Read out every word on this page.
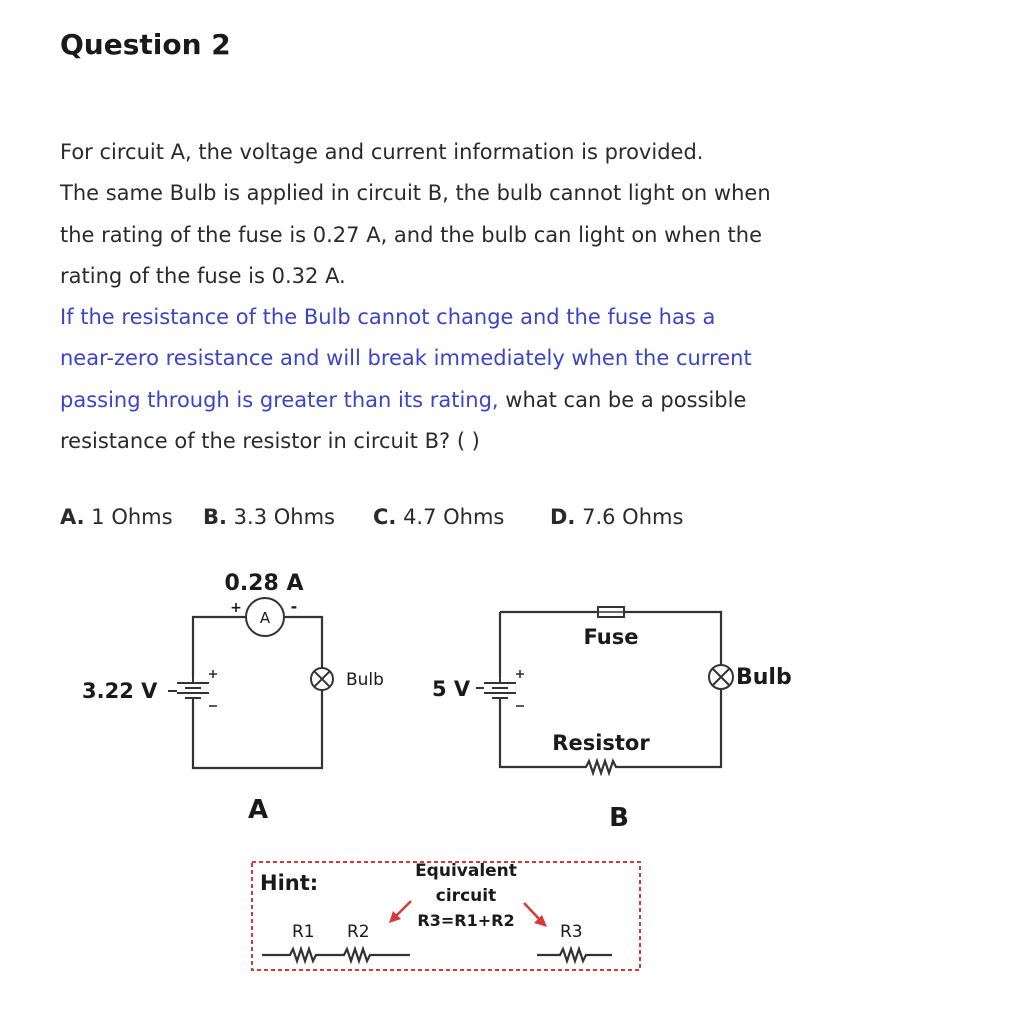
Question 2
For circuit A, the voltage and current information is provided.
The same Bulb is applied in circuit B, the bulb cannot light on when
the rating of the fuse is 0.27 A, and the bulb can light on when the
rating of the fuse is 0.32 A.
If the resistance of the Bulb cannot change and the fuse has a
near-zero resistance and will break immediately when the current
passing through is greater than its rating, what can be a possible
resistance of the resistor in circuit B? ( )
A. 1 Ohms B. 3.3 Ohms C. 4.7 Ohms D. 7.6 Ohms
0.28 A
+	-
A
3.22 V	Bulb
A
Fuse
5 V	Bulb
Resistor
B
Hint:	Equivalent
circuit
R3=R1+R2
R1 R2	R3
